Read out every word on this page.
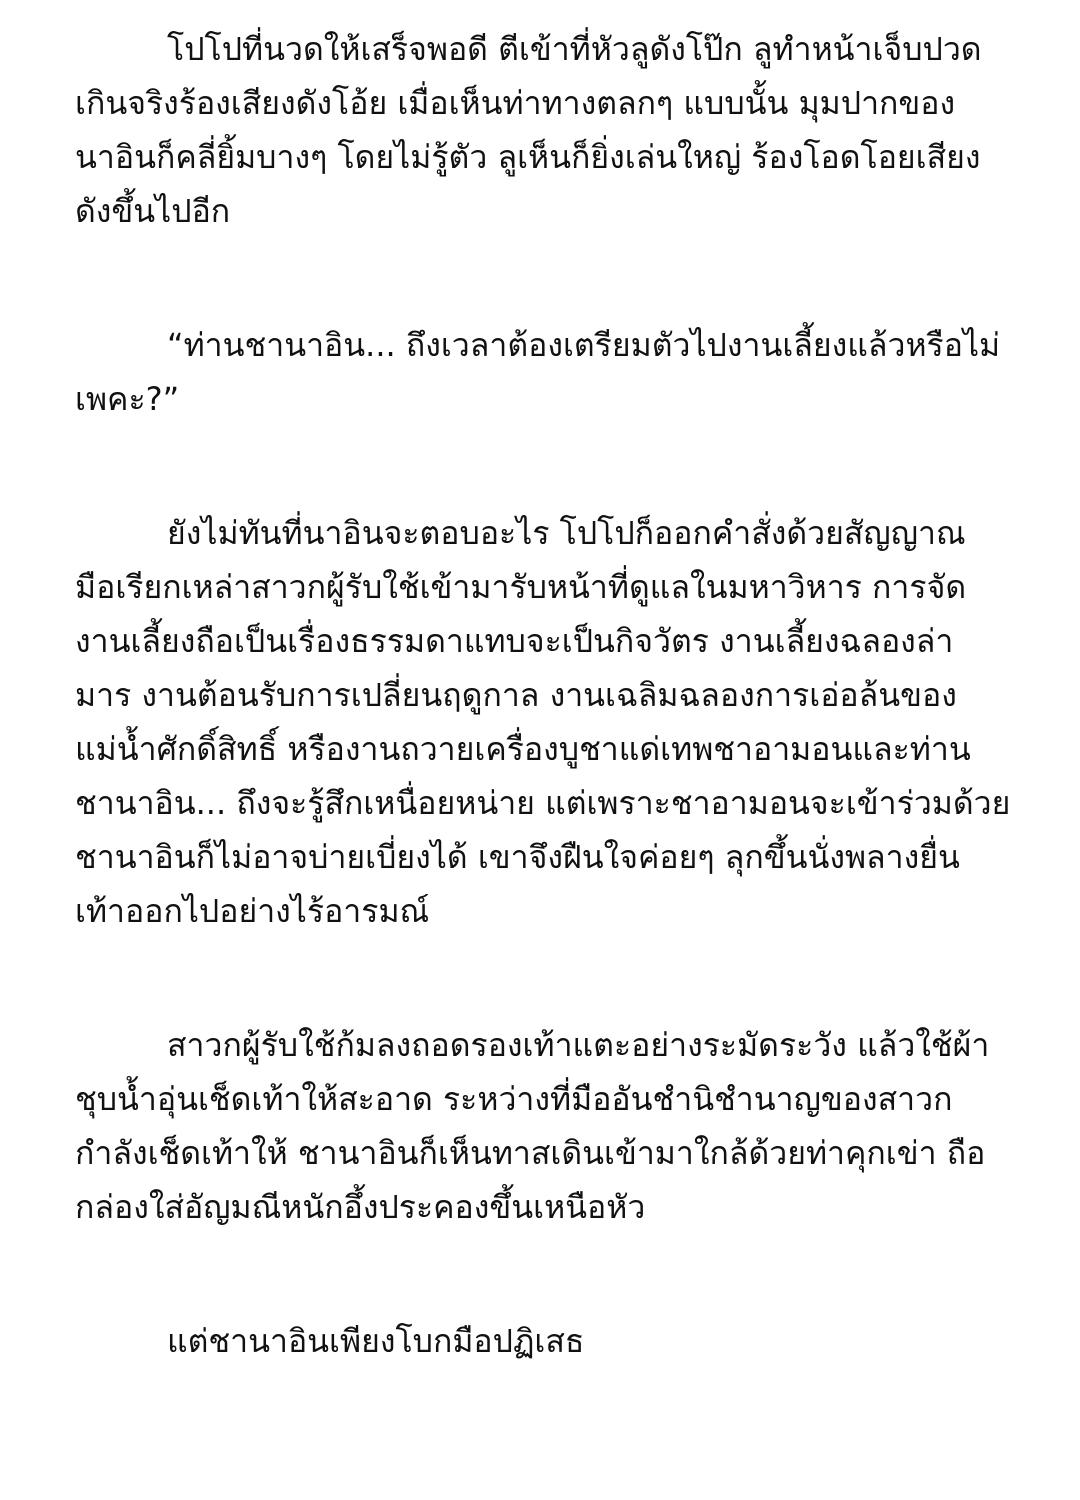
โปโปที่นวดให้เสร็จพอดี ตีเข้าที่หัวลูดังโป๊ก ลูทำหน้าเจ็บปวด
เกินจริงร้องเสียงดังโอ้ย เมื่อเห็นท่าทางตลกๆ แบบนั้น มุมปากของ
นาอินก็คลี่ยิ้มบางๆ โดยไม่รู้ตัว ลูเห็นก็ยิ่งเล่นใหญ่ ร้องโอดโอยเสียง
ดังขึ้นไปอีก

“ท่านชานาอิน... ถึงเวลาต้องเตรียมตัวไปงานเลี้ยงแล้วหรือไม่
เพคะ?”

ยังไม่ทันที่นาอินจะตอบอะไร โปโปก็ออกคำสั่งด้วยสัญญาณ
มือเรียกเหล่าสาวกผู้รับใช้เข้ามารับหน้าที่ดูแลในมหาวิหาร การจัด
งานเลี้ยงถือเป็นเรื่องธรรมดาแทบจะเป็นกิจวัตร งานเลี้ยงฉลองล่า
มาร งานต้อนรับการเปลี่ยนฤดูกาล งานเฉลิมฉลองการเอ่อล้นของ
แม่น้ำศักดิ์สิทธิ์ หรืองานถวายเครื่องบูชาแด่เทพชาอามอนและท่าน
ชานาอิน... ถึงจะรู้สึกเหนื่อยหน่าย แต่เพราะชาอามอนจะเข้าร่วมด้วย
ชานาอินก็ไม่อาจบ่ายเบี่ยงได้ เขาจึงฝืนใจค่อยๆ ลุกขึ้นนั่งพลางยื่น
เท้าออกไปอย่างไร้อารมณ์

สาวกผู้รับใช้ก้มลงถอดรองเท้าแตะอย่างระมัดระวัง แล้วใช้ผ้า
ชุบน้ำอุ่นเช็ดเท้าให้สะอาด ระหว่างที่มืออันชำนิชำนาญของสาวก
กำลังเช็ดเท้าให้ ชานาอินก็เห็นทาสเดินเข้ามาใกล้ด้วยท่าคุกเข่า ถือ
กล่องใส่อัญมณีหนักอึ้งประคองขึ้นเหนือหัว

แต่ชานาอินเพียงโบกมือปฏิเสธ
